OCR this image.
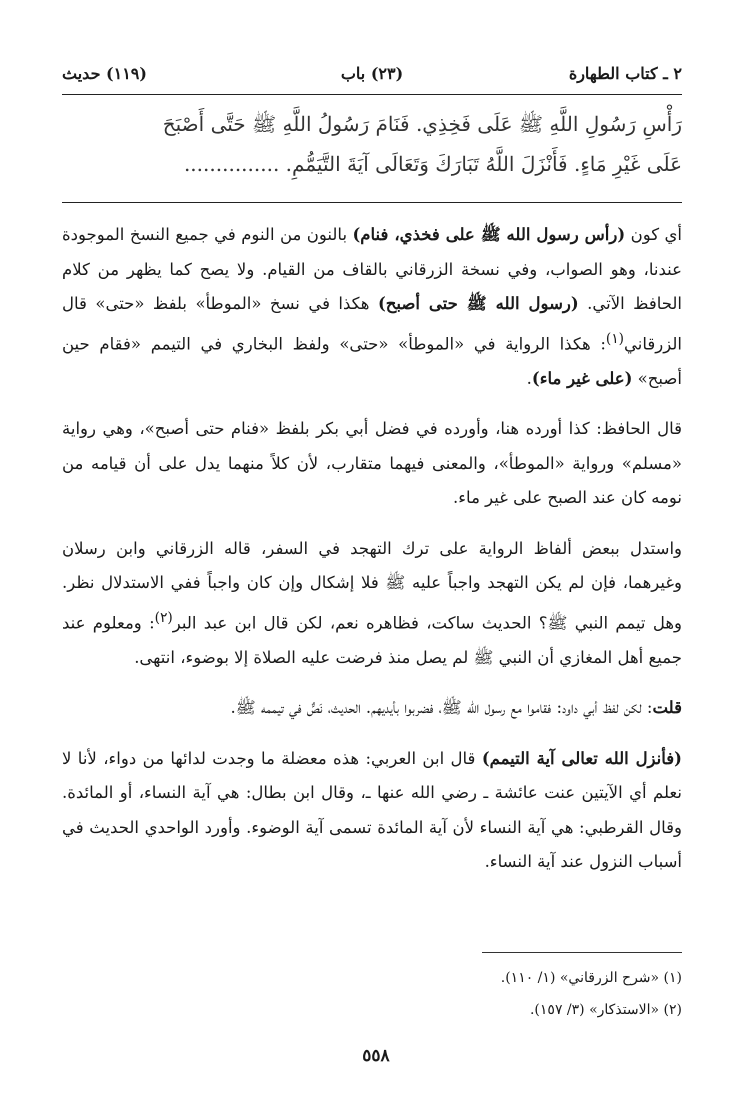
٢ ـ كتاب الطهارة
(٢٣) باب
(١١٩) حديث

رَأْسِ رَسُولِ اللَّهِ ﷺ عَلَى فَخِذِي. فَنَامَ رَسُولُ اللَّهِ ﷺ حَتَّى أَصْبَحَ

عَلَى غَيْرِ مَاءٍ. فَأَنْزَلَ اللَّهُ تَبَارَكَ وَتَعَالَى آيَةَ التَّيَمُّمِ. ...............

أي كون (رأس رسول الله ﷺ على فخذي، فنام) بالنون من النوم في جميع النسخ الموجودة عندنا، وهو الصواب، وفي نسخة الزرقاني بالقاف من القيام. ولا يصح كما يظهر من كلام الحافظ الآتي. (رسول الله ﷺ حتى أصبح) هكذا في نسخ «الموطأ» بلفظ «حتى» قال الزرقاني$^{(١)}$: هكذا الرواية في «الموطأ» «حتى» ولفظ البخاري في التيمم «فقام حين أصبح» (على غير ماء).

قال الحافظ: كذا أورده هنا، وأورده في فضل أبي بكر بلفظ «فنام حتى أصبح»، وهي رواية «مسلم» ورواية «الموطأ»، والمعنى فيهما متقارب، لأن كلاً منهما يدل على أن قيامه من نومه كان عند الصبح على غير ماء.

واستدل ببعض ألفاظ الرواية على ترك التهجد في السفر، قاله الزرقاني وابن رسلان وغيرهما، فإن لم يكن التهجد واجباً عليه ﷺ فلا إشكال وإن كان واجباً ففي الاستدلال نظر. وهل تيمم النبي ﷺ؟ الحديث ساكت، فظاهره نعم، لكن قال ابن عبد البر$^{(٢)}$: ومعلوم عند جميع أهل المغازي أن النبي ﷺ لم يصل منذ فرضت عليه الصلاة إلا بوضوء، انتهى.

قلت: لكن لفظ أبي داود: فقاموا مع رسول الله ﷺ، فضربوا بأيديهم. الحديث، نَصٌّ في تيممه ﷺ.

(فأنزل الله تعالى آية التيمم) قال ابن العربي: هذه معضلة ما وجدت لدائها من دواء، لأنا لا نعلم أي الآيتين عنت عائشة ـ رضي الله عنها ـ، وقال ابن بطال: هي آية النساء، أو المائدة. وقال القرطبي: هي آية النساء لأن آية المائدة تسمى آية الوضوء. وأورد الواحدي الحديث في أسباب النزول عند آية النساء.

(١) «شرح الزرقاني» (١/ ١١٠).
(٢) «الاستذكار» (٣/ ١٥٧).
٥٥٨
